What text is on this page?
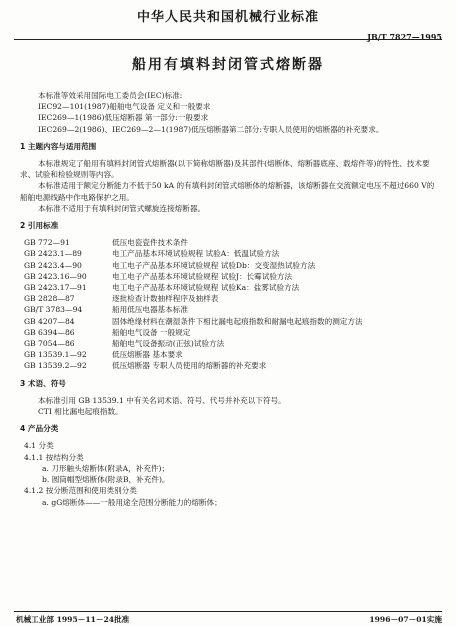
中华人民共和国机械行业标准
JB/T 7827—1995
船用有填料封闭管式熔断器

本标准等效采用国际电工委员会(IEC)标准:

IEC92—101(1987)船舶电气设备 定义和一般要求

IEC269—1(1986)低压熔断器 第一部分:一般要求

IEC269—2(1986)、IEC269—2—1(1987)低压熔断器第二部分:专职人员使用的熔断器的补充要求。

1 主题内容与适用范围

本标准规定了船用有填料封闭管式熔断器(以下简称熔断器)及其部件(熔断体、熔断器底座、载熔件等)的特性、技术要求、试验和检验规则等内容。

本标准适用于额定分断能力不低于50 kA 的有填料封闭管式熔断体的熔断器，该熔断器在交流额定电压不超过660 V的船舶电源线路中作电路保护之用。

本标准不适用于有填料封闭管式螺旋连接熔断器。

2 引用标准

GB 772—91	低压电瓷瓷件技术条件
GB 2423.1—89	电工产品基本环境试验规程 试验A：低温试验方法
GB 2423.4—90	电工电子产品基本环境试验规程 试验Db：交变湿热试验方法
GB 2423.16—90	电工电子产品基本环境试验规程 试验J：长霉试验方法
GB 2423.17—91	电工电子产品基本环境试验规程 试验Ka：盐雾试验方法
GB 2828—87	逐批检查计数抽样程序及抽样表
GB/T 3783—94	船用低压电器基本标准
GB 4207—84	固体绝缘材料在潮湿条件下相比漏电起痕指数和耐漏电起痕指数的测定方法
GB 6394—86	船舶电气设备 一般规定
GB 7054—86	船舶电气设备振动(正弦)试验方法
GB 13539.1—92	低压熔断器 基本要求
GB 13539.2—92	低压熔断器 专职人员使用的熔断器的补充要求

3 术语、符号

本标准引用 GB 13539.1 中有关名词术语、符号、代号并补充以下符号。

CTI 相比漏电起痕指数。

4 产品分类

4.1 分类

4.1.1 按结构分类

a. 刀形触头熔断体(附录A，补充件)；

b. 圆筒帽型熔断体(附录B，补充件)。

4.1.2 按分断范围和使用类别分类

a. gG熔断体——一般用途全范围分断能力的熔断体；

机械工业部 1995－11－24批准	1996－07－01实施
